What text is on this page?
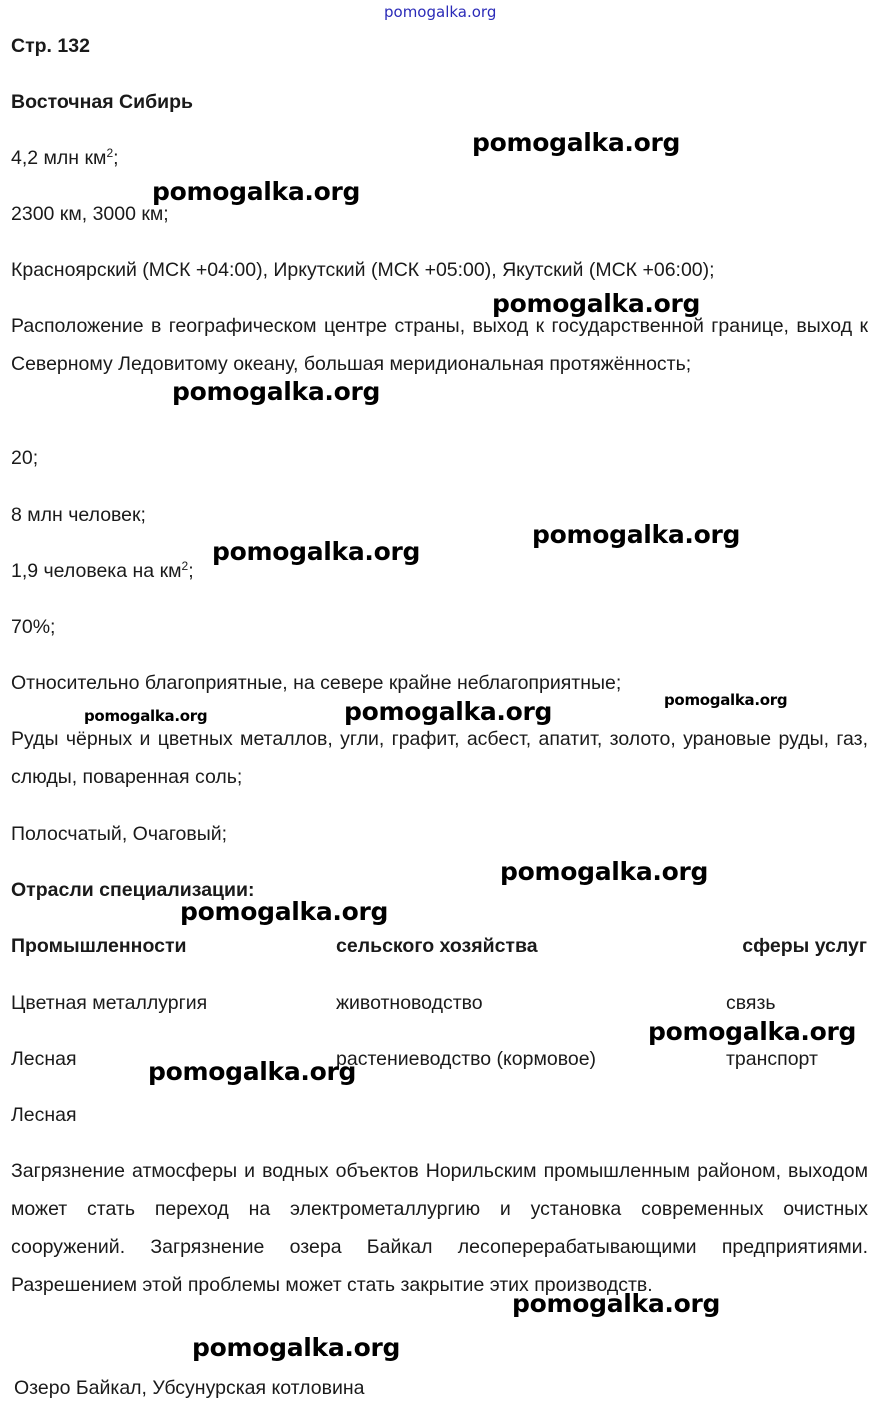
pomogalka.org
Стр. 132
Восточная Сибирь
4,2 млн $км^2$;
2300 км, 3000 км;
Красноярский (МСК +04:00), Иркутский (МСК +05:00), Якутский (МСК +06:00);
Расположение в географическом центре страны, выход к государственной границе, выход к Северному Ледовитому океану, большая меридиональная протяжённость;
20;
8 млн человек;
1,9 человека на $км^2$;
70%;
Относительно благоприятные, на севере крайне неблагоприятные;
Руды чёрных и цветных металлов, угли, графит, асбест, апатит, золото, урановые руды, газ, слюды, поваренная соль;
Полосчатый, Очаговый;
Отрасли специализации:
Промышленности	сельского хозяйства	сферы услуг
Цветная металлургия	животноводство	связь
Лесная	растениеводство (кормовое)	транспорт
Лесная
Загрязнение атмосферы и водных объектов Норильским промышленным районом, выходом может стать переход на электрометаллургию и установка современных очистных сооружений. Загрязнение озера Байкал лесоперерабатывающими предприятиями. Разрешением этой проблемы может стать закрытие этих производств.
Озеро Байкал, Убсунурская котловина
pomogalka.org
pomogalka.org
pomogalka.org
pomogalka.org
pomogalka.org
pomogalka.org
pomogalka.org
pomogalka.org
pomogalka.org
pomogalka.org
pomogalka.org
pomogalka.org
pomogalka.org
pomogalka.org
pomogalka.org
